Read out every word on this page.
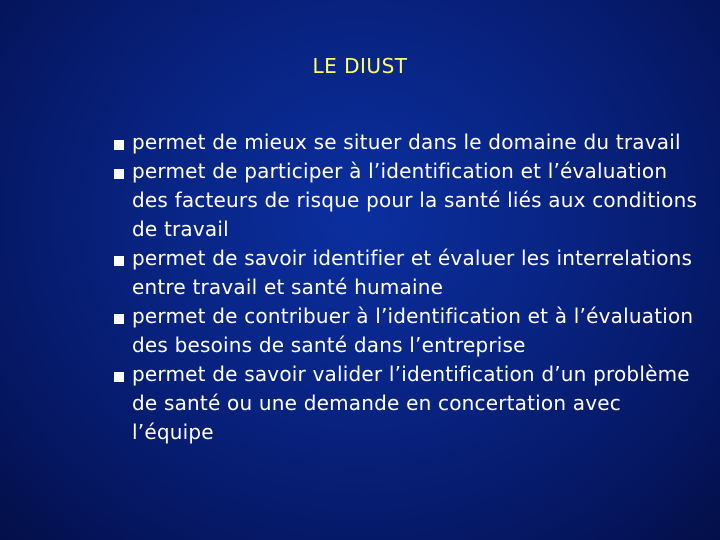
LE DIUST
permet de mieux se situer dans le domaine du travail
permet de participer à l’identification et l’évaluation des facteurs de risque pour la santé liés aux conditions de travail
permet de savoir identifier et évaluer les interrelations entre travail et santé humaine
permet de contribuer à l’identification et à l’évaluation des besoins de santé dans l’entreprise
permet de savoir valider l’identification d’un problème de santé ou une demande en concertation avec l’équipe
